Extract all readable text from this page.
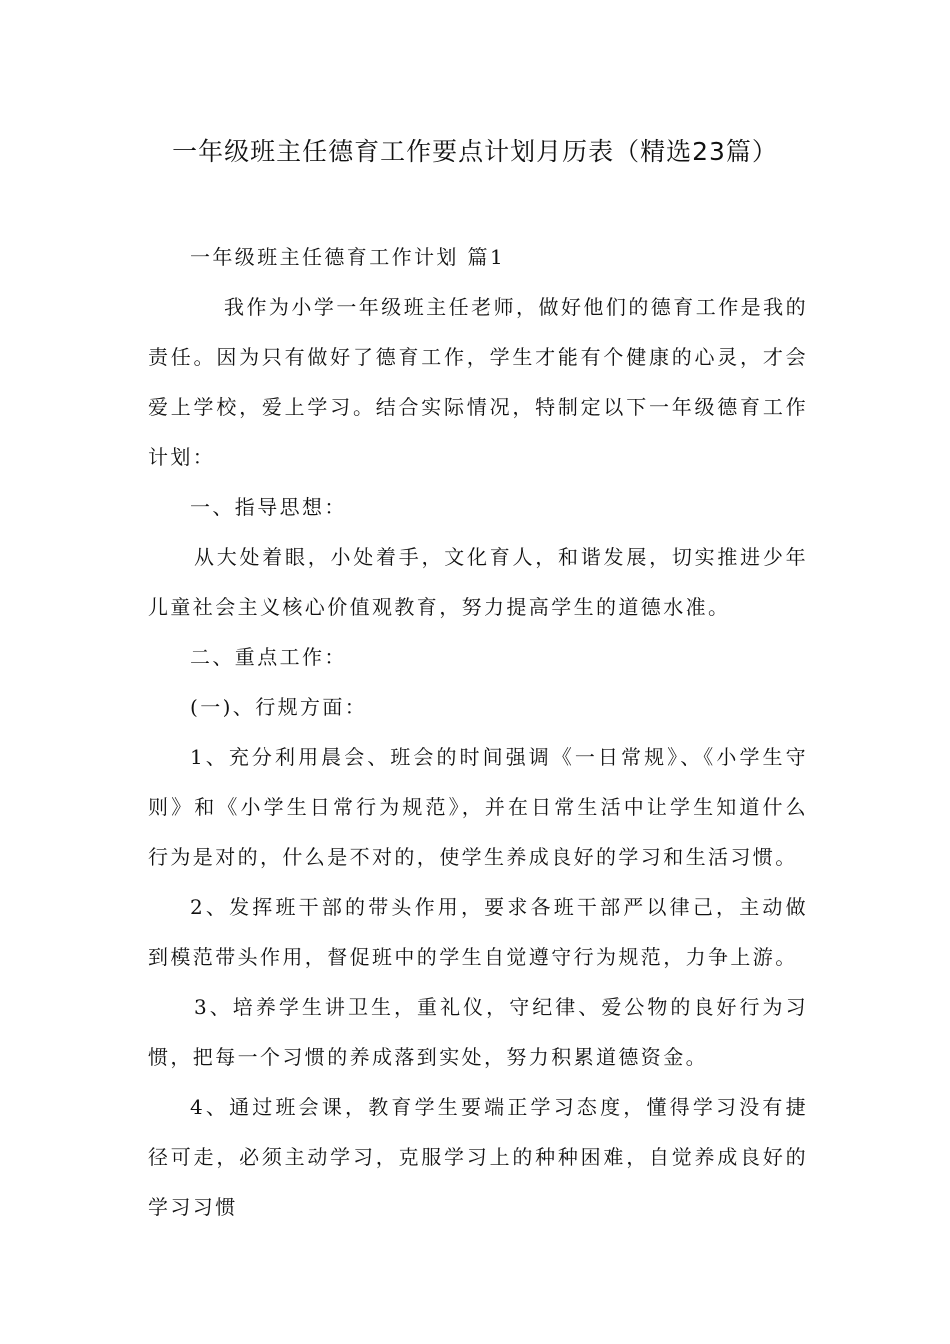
一年级班主任德育工作要点计划月历表（精选23篇）

一年级班主任德育工作计划 篇1

我作为小学一年级班主任老师，做好他们的德育工作是我的责任。因为只有做好了德育工作，学生才能有个健康的心灵，才会爱上学校，爱上学习。结合实际情况，特制定以下一年级德育工作计划：

一、指导思想：

从大处着眼，小处着手，文化育人，和谐发展，切实推进少年儿童社会主义核心价值观教育，努力提高学生的道德水准。

二、重点工作：

(一)、行规方面：

1、充分利用晨会、班会的时间强调《一日常规》、《小学生守则》和《小学生日常行为规范》，并在日常生活中让学生知道什么行为是对的，什么是不对的，使学生养成良好的学习和生活习惯。

2、发挥班干部的带头作用，要求各班干部严以律己，主动做到模范带头作用，督促班中的学生自觉遵守行为规范，力争上游。

3、培养学生讲卫生，重礼仪，守纪律、爱公物的良好行为习惯，把每一个习惯的养成落到实处，努力积累道德资金。

4、通过班会课，教育学生要端正学习态度，懂得学习没有捷径可走，必须主动学习，克服学习上的种种困难，自觉养成良好的学习习惯
